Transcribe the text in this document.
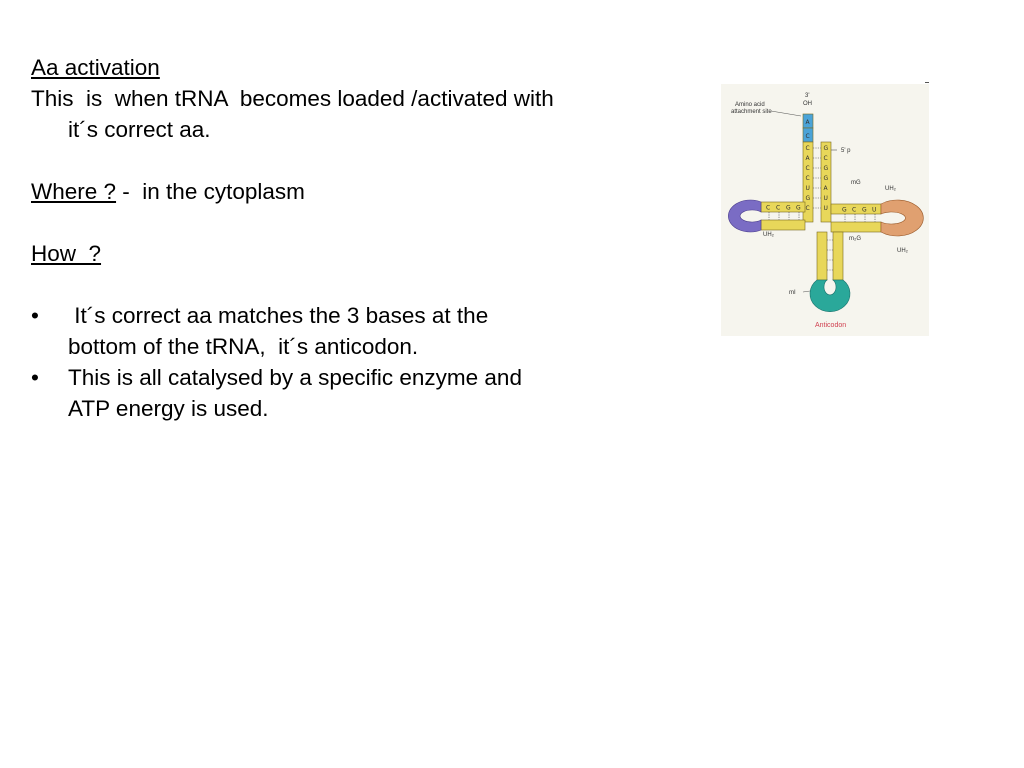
Aa activation
This  is  when tRNA  becomes loaded /activated with
it´s correct aa.
Where ? -  in the cytoplasm
How  ?
• It´s correct aa matches the 3 bases at the
bottom of the tRNA,  it´s anticodon.
• This is all catalysed by a specific enzyme and
ATP energy is used.
Amino acid
attachment site
3'
OH
5' p
mG
UH₂
UH₂
m₂G
UH₂
mI
Anticodon
A
C
C
A
C
C
U
G
C
G
C
G
G
A
U
U
C C G G	G C G U
